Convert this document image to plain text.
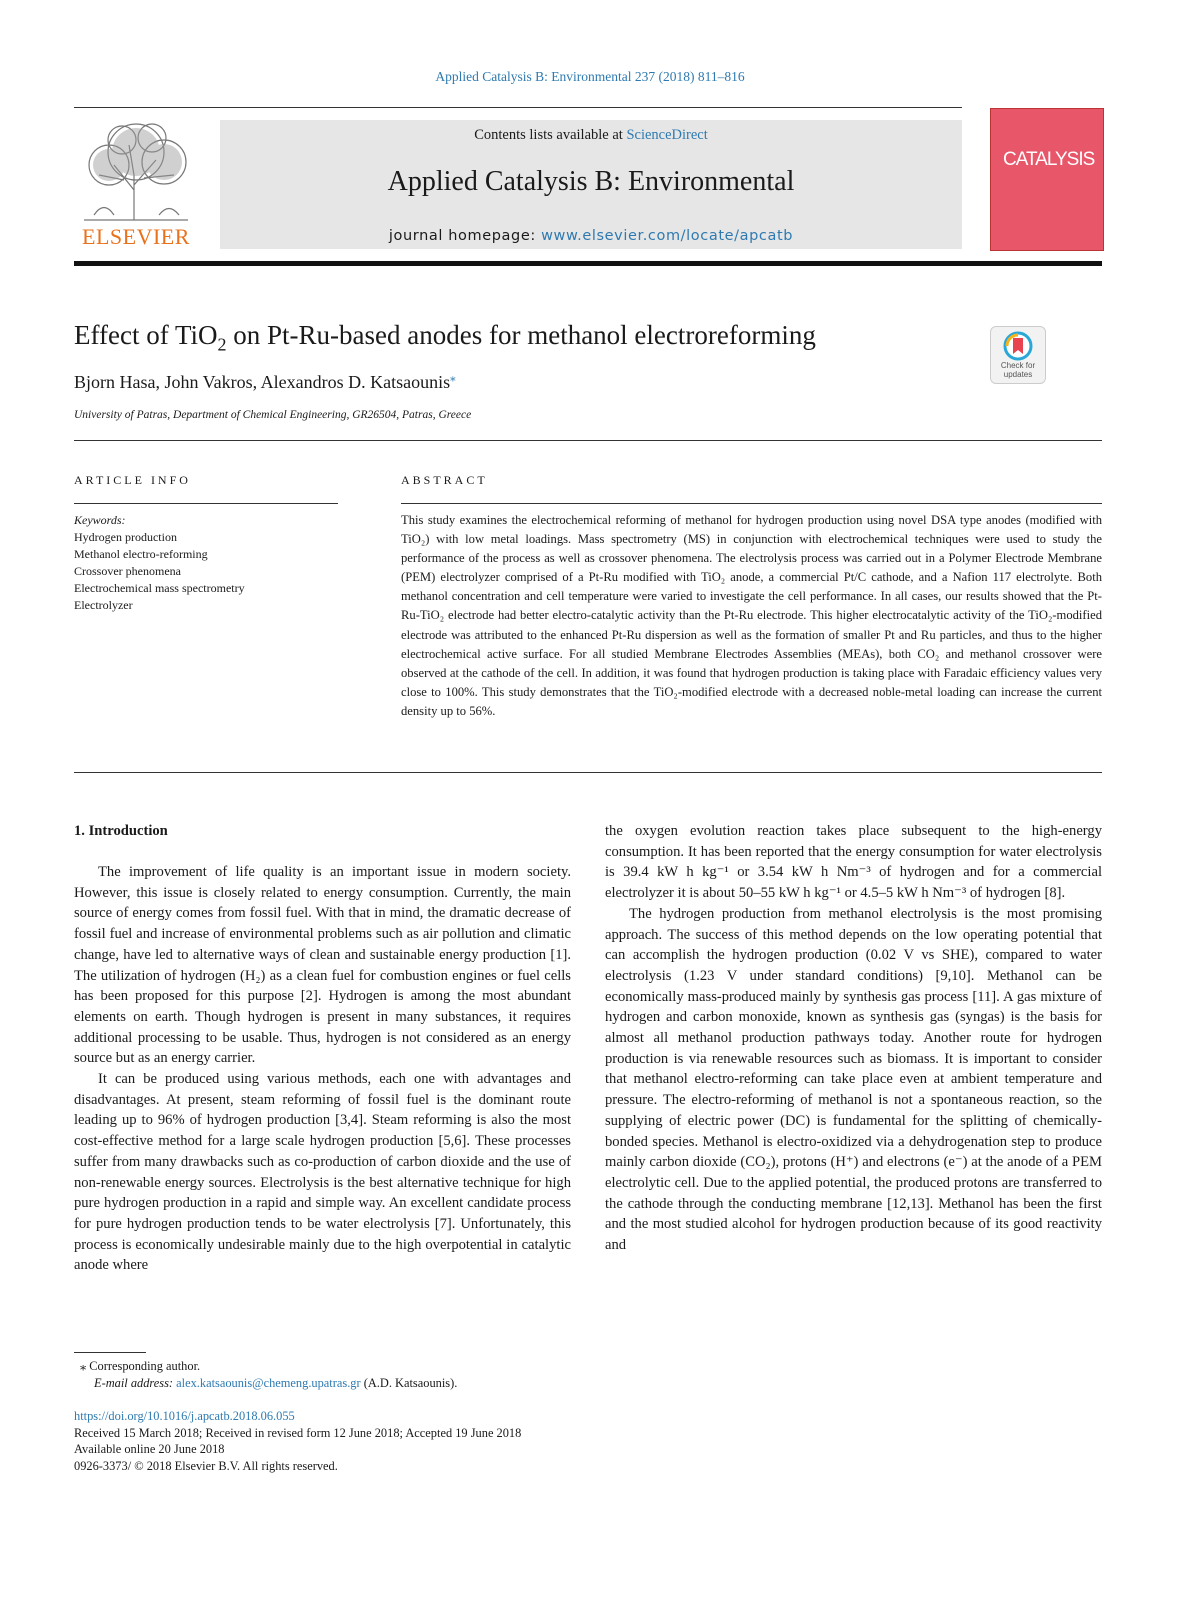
Applied Catalysis B: Environmental 237 (2018) 811–816
ELSEVIER
Contents lists available at ScienceDirect
Applied Catalysis B: Environmental
journal homepage: www.elsevier.com/locate/apcatb
CATALYSIS
Effect of TiO$_2$ on Pt-Ru-based anodes for methanol electroreforming
Bjorn Hasa, John Vakros, Alexandros D. Katsaounis⁎
University of Patras, Department of Chemical Engineering, GR26504, Patras, Greece
Check for updates
ARTICLE INFO	ABSTRACT
Keywords:
Hydrogen production
Methanol electro-reforming
Crossover phenomena
Electrochemical mass spectrometry
Electrolyzer
This study examines the electrochemical reforming of methanol for hydrogen production using novel DSA type anodes (modified with TiO₂) with low metal loadings. Mass spectrometry (MS) in conjunction with electrochemical techniques were used to study the performance of the process as well as crossover phenomena. The electrolysis process was carried out in a Polymer Electrode Membrane (PEM) electrolyzer comprised of a Pt-Ru modified with TiO₂ anode, a commercial Pt/C cathode, and a Nafion 117 electrolyte. Both methanol concentration and cell temperature were varied to investigate the cell performance. In all cases, our results showed that the Pt-Ru-TiO₂ electrode had better electro-catalytic activity than the Pt-Ru electrode. This higher electrocatalytic activity of the TiO₂-modified electrode was attributed to the enhanced Pt-Ru dispersion as well as the formation of smaller Pt and Ru particles, and thus to the higher electrochemical active surface. For all studied Membrane Electrodes Assemblies (MEAs), both CO₂ and methanol crossover were observed at the cathode of the cell. In addition, it was found that hydrogen production is taking place with Faradaic efficiency values very close to 100%. This study demonstrates that the TiO₂-modified electrode with a decreased noble-metal loading can increase the current density up to 56%.
1. Introduction

The improvement of life quality is an important issue in modern society. However, this issue is closely related to energy consumption. Currently, the main source of energy comes from fossil fuel. With that in mind, the dramatic decrease of fossil fuel and increase of environmental problems such as air pollution and climatic change, have led to alternative ways of clean and sustainable energy production [1]. The utilization of hydrogen (H₂) as a clean fuel for combustion engines or fuel cells has been proposed for this purpose [2]. Hydrogen is among the most abundant elements on earth. Though hydrogen is present in many substances, it requires additional processing to be usable. Thus, hydrogen is not considered as an energy source but as an energy carrier.

It can be produced using various methods, each one with advantages and disadvantages. At present, steam reforming of fossil fuel is the dominant route leading up to 96% of hydrogen production [3,4]. Steam reforming is also the most cost-effective method for a large scale hydrogen production [5,6]. These processes suffer from many drawbacks such as co-production of carbon dioxide and the use of non-renewable energy sources. Electrolysis is the best alternative technique for high pure hydrogen production in a rapid and simple way. An excellent candidate process for pure hydrogen production tends to be water electrolysis [7]. Unfortunately, this process is economically undesirable mainly due to the high overpotential in catalytic anode where

the oxygen evolution reaction takes place subsequent to the high-energy consumption. It has been reported that the energy consumption for water electrolysis is 39.4 kW h kg⁻¹ or 3.54 kW h Nm⁻³ of hydrogen and for a commercial electrolyzer it is about 50–55 kW h kg⁻¹ or 4.5–5 kW h Nm⁻³ of hydrogen [8].

The hydrogen production from methanol electrolysis is the most promising approach. The success of this method depends on the low operating potential that can accomplish the hydrogen production (0.02 V vs SHE), compared to water electrolysis (1.23 V under standard conditions) [9,10]. Methanol can be economically mass-produced mainly by synthesis gas process [11]. A gas mixture of hydrogen and carbon monoxide, known as synthesis gas (syngas) is the basis for almost all methanol production pathways today. Another route for hydrogen production is via renewable resources such as biomass. It is important to consider that methanol electro-reforming can take place even at ambient temperature and pressure. The electro-reforming of methanol is not a spontaneous reaction, so the supplying of electric power (DC) is fundamental for the splitting of chemically-bonded species. Methanol is electro-oxidized via a dehydrogenation step to produce mainly carbon dioxide (CO₂), protons (H⁺) and electrons (e⁻) at the anode of a PEM electrolytic cell. Due to the applied potential, the produced protons are transferred to the cathode through the conducting membrane [12,13]. Methanol has been the first and the most studied alcohol for hydrogen production because of its good reactivity and

⁎ Corresponding author.
E-mail address: alex.katsaounis@chemeng.upatras.gr (A.D. Katsaounis).
https://doi.org/10.1016/j.apcatb.2018.06.055
Received 15 March 2018; Received in revised form 12 June 2018; Accepted 19 June 2018
Available online 20 June 2018
0926-3373/ © 2018 Elsevier B.V. All rights reserved.
